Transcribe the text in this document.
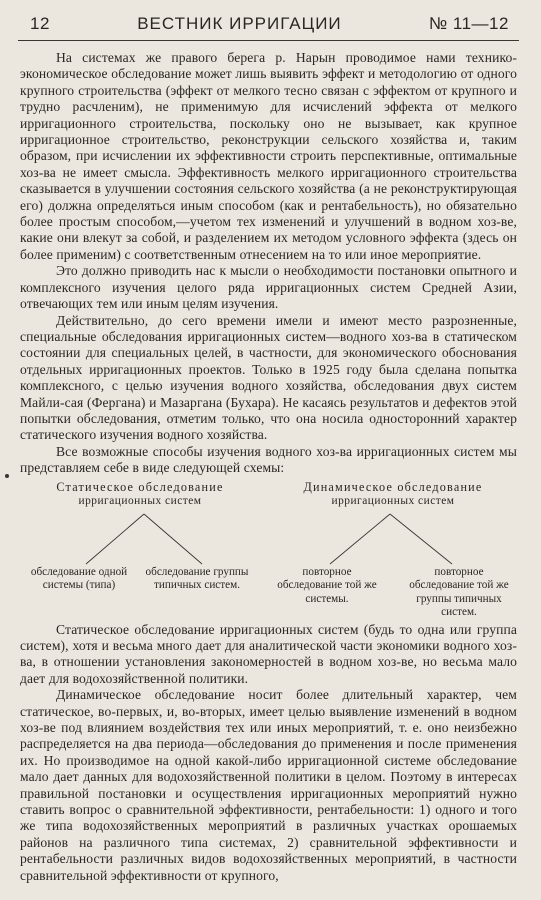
12	ВЕСТНИК ИРРИГАЦИИ	№ 11—12

На системах же правого берега р. Нарын проводимое нами технико-экономическое обследование может лишь выявить эффект и методологию от одного крупного строительства (эффект от мелкого тесно связан с эффектом от крупного и трудно расчленим), не применимую для исчислений эффекта от мелкого ирригационного строительства, поскольку оно не вызывает, как крупное ирригационное строительство, реконструкции сельского хозяйства и, таким образом, при исчислении их эффективности строить перспективные, оптимальные хоз-ва не имеет смысла. Эффективность мелкого ирригационного строительства сказывается в улучшении состояния сельского хозяйства (а не реконструктирующая его) должна определяться иным способом (как и рентабельность), но обязательно более простым способом,—учетом тех изменений и улучшений в водном хоз-ве, какие они влекут за собой, и разделением их методом условного эффекта (здесь он более применим) с соответственным отнесением на то или иное мероприятие.

Это должно приводить нас к мысли о необходимости постановки опытного и комплексного изучения целого ряда ирригационных систем Средней Азии, отвечающих тем или иным целям изучения.

Действительно, до сего времени имели и имеют место разрозненные, специальные обследования ирригационных систем—водного хоз-ва в статическом состоянии для специальных целей, в частности, для экономического обоснования отдельных ирригационных проектов. Только в 1925 году была сделана попытка комплексного, с целью изучения водного хозяйства, обследования двух систем Майли-сая (Фергана) и Мазаргана (Бухара). Не касаясь результатов и дефектов этой попытки обследования, отметим только, что она носила односторонний характер статического изучения водного хозяйства.

Все возможные способы изучения водного хоз-ва ирригационных систем мы представляем себе в виде следующей схемы:

Статическое обследование
ирригационных систем
Динамическое обследование
ирригационных систем
обследование одной системы (типа)
обследование группы типичных систем.
повторное обследование той же системы.
повторное обследование той же группы типичных систем.

Статическое обследование ирригационных систем (будь то одна или группа систем), хотя и весьма много дает для аналитической части экономики водного хоз-ва, в отношении установления закономерностей в водном хоз-ве, но весьма мало дает для водохозяйственной политики.

Динамическое обследование носит более длительный характер, чем статическое, во-первых, и, во-вторых, имеет целью выявление изменений в водном хоз-ве под влиянием воздействия тех или иных мероприятий, т. е. оно неизбежно распределяется на два периода—обследования до применения и после применения их. Но производимое на одной какой-либо ирригационной системе обследование мало дает данных для водохозяйственной политики в целом. Поэтому в интересах правильной постановки и осуществления ирригационных мероприятий нужно ставить вопрос о сравнительной эффективности, рентабельности: 1) одного и того же типа водохозяйственных мероприятий в различных участках орошаемых районов на различного типа системах, 2) сравнительной эффективности и рентабельности различных видов водохозяйственных мероприятий, в частности сравнительной эффективности от крупного,
